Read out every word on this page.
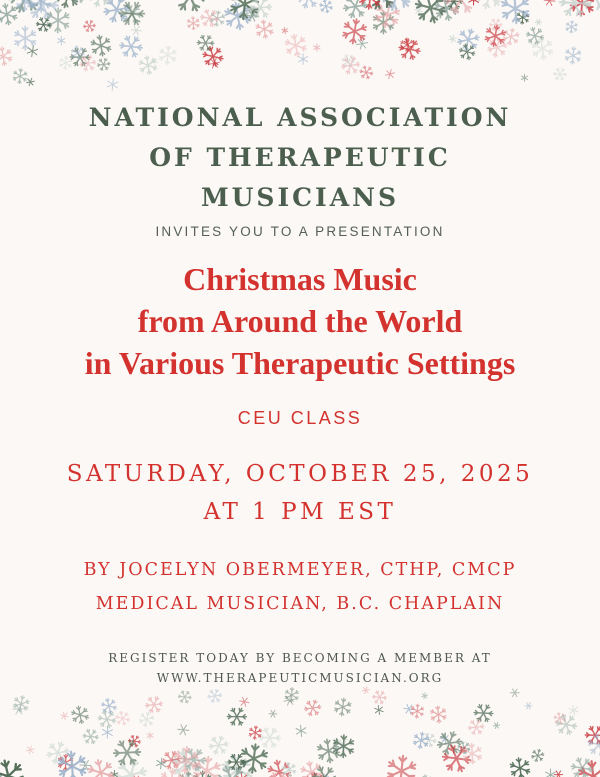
NATIONAL ASSOCIATION
OF THERAPEUTIC
MUSICIANS
INVITES YOU TO A PRESENTATION
Christmas Music
from Around the World
in Various Therapeutic Settings
CEU CLASS
SATURDAY, OCTOBER 25, 2025
AT 1 PM EST
BY JOCELYN OBERMEYER, CTHP, CMCP
MEDICAL MUSICIAN, B.C. CHAPLAIN
REGISTER TODAY BY BECOMING A MEMBER AT
WWW.THERAPEUTICMUSICIAN.ORG
